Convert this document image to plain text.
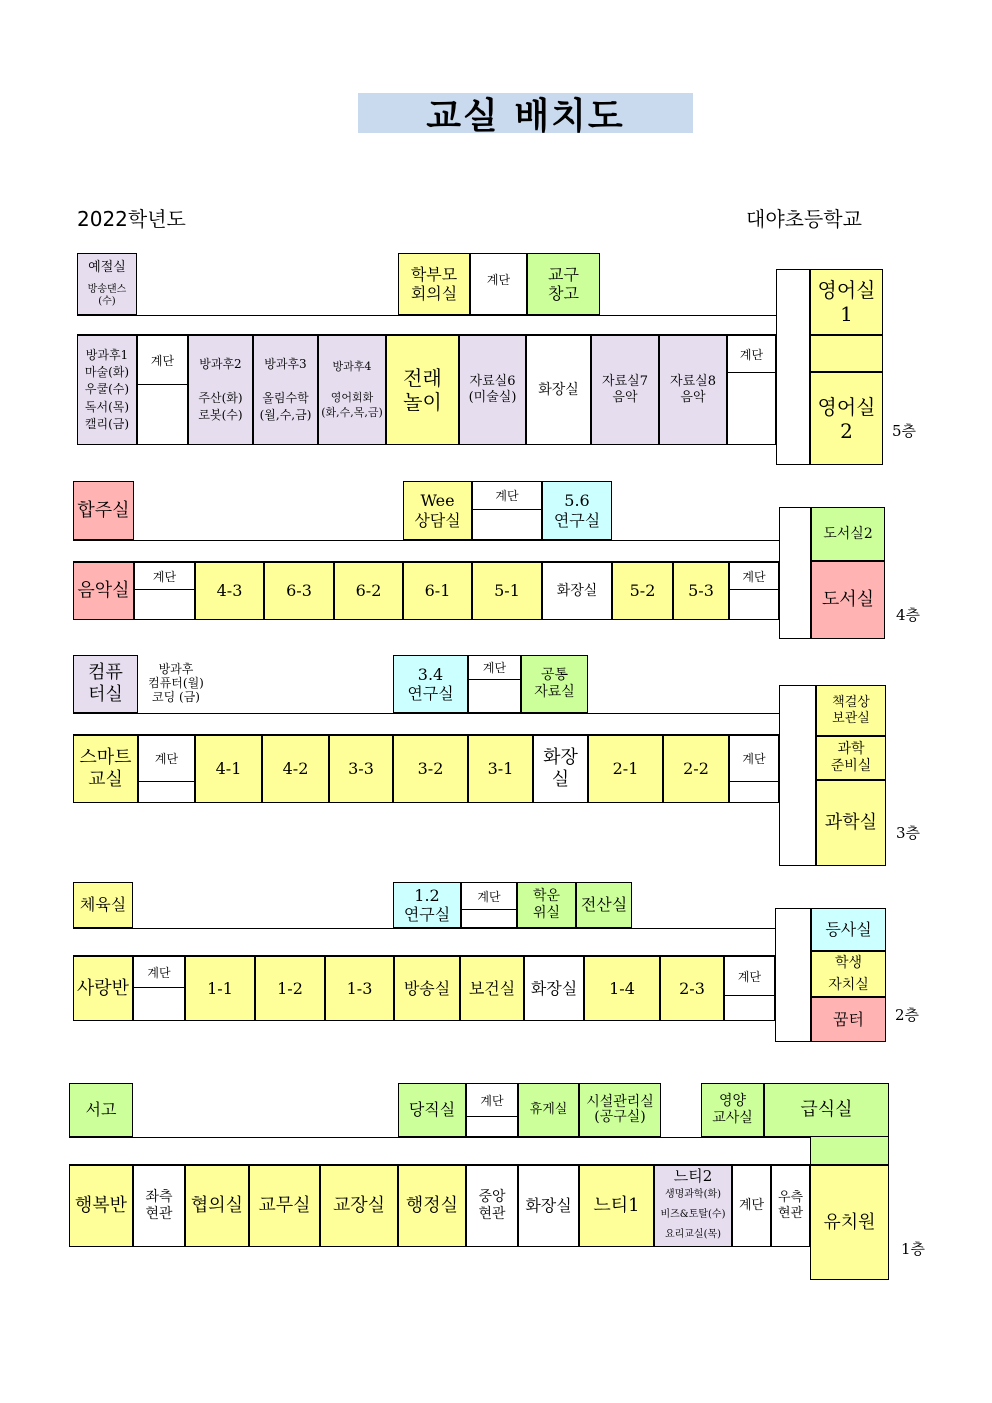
교실 배치도
2022학년도	대야초등학교
예절실
방송댄스
(수)
학부모
회의실
계단	교구
창고
방과후1
마술(화)
우쿨(수)
독서(목)
캘리(금)
계단	방과후2

주산(화)
로봇(수)
방과후3

올림수학
(월,수,금)
방과후4

영어회화
(화,수,목,금)
전래
놀이
자료실6
(미술실)	화장실	자료실7
음악
자료실8
음악
계단
영어실
1
영어실
2	5층
합주실	Wee
상담실
계단	5.6
연구실
음악실
계단
4-3	6-3	6-2	6-1	5-1	화장실	5-2	5-3
계단
도서실2
도서실
4층
컴퓨
터실
방과후
컴퓨터(월)
코딩 (금)
3.4
연구실
계단	공통
자료실
스마트
교실
계단
4-1	4-2	3-3	3-2	3-1
화장
실
2-1	2-2
계단
책걸상
보관실
과학
준비실
과학실	3층
체육실
1.2
연구실
계단	학운
위실	전산실
사랑반
계단
1-1	1-2	1-3	방송실	보건실 화장실	1-4	2-3
계단
등사실
학생
자치실
꿈터	2층
서고	당직실	계단
휴게실
시설관리실
(공구실)
영양
교사실	급식실
행복반	좌측
현관	협의실 교무실	교장실	행정실	중앙
현관	화장실	느티1
느티2
생명과학(화)
비즈&토탈(수)
요리교실(목)
계단
우측
현관	유치원
1층
